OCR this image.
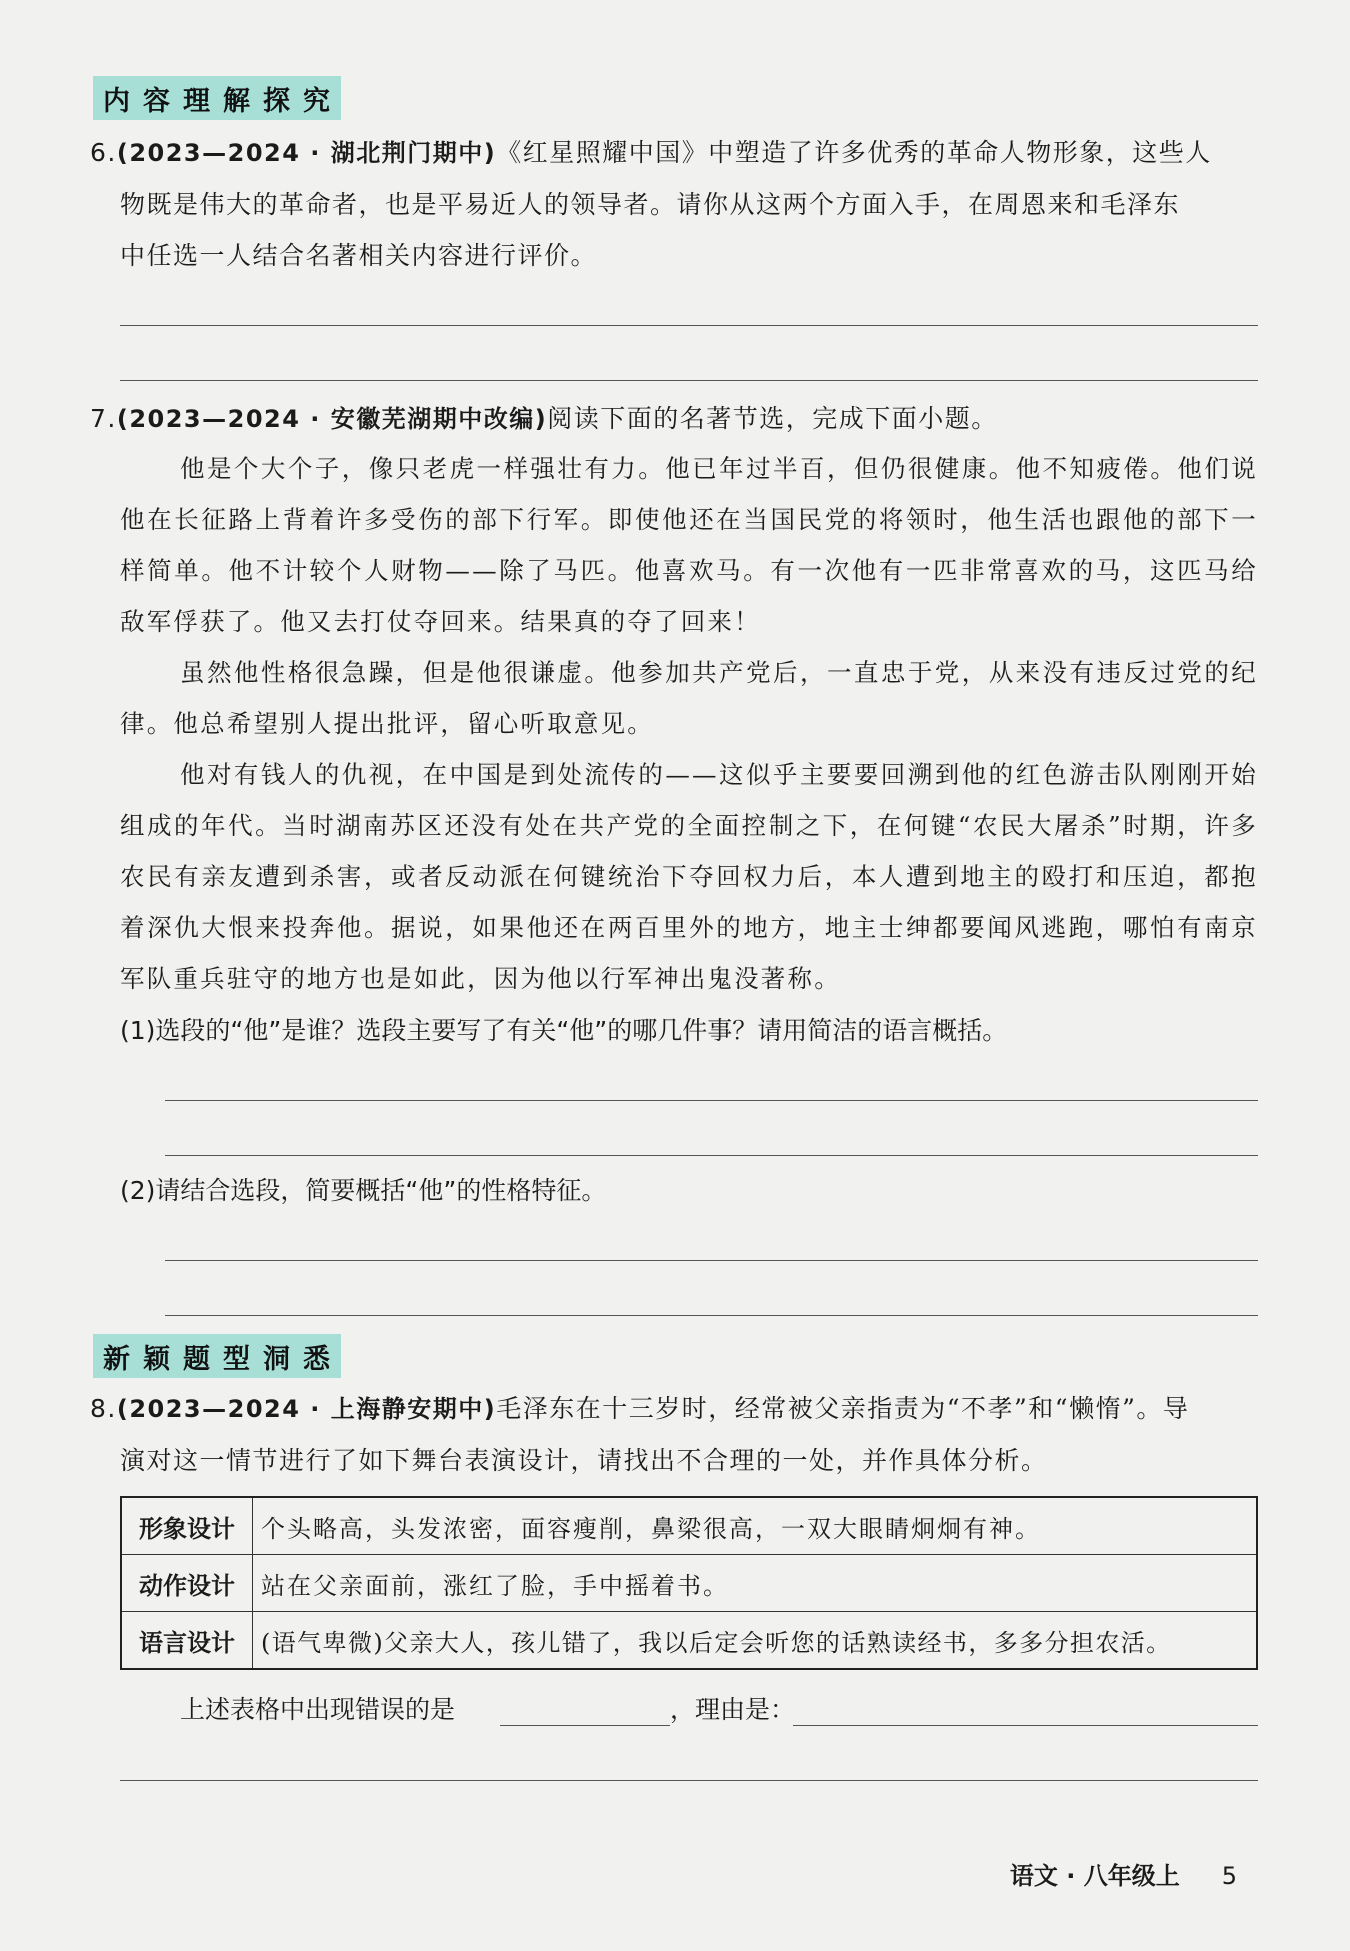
内 容 理 解 探 究
6.(2023—2024 · 湖北荆门期中)《红星照耀中国》中塑造了许多优秀的革命人物形象，这些人
物既是伟大的革命者，也是平易近人的领导者。请你从这两个方面入手，在周恩来和毛泽东
中任选一人结合名著相关内容进行评价。
7.(2023—2024 · 安徽芜湖期中改编)阅读下面的名著节选，完成下面小题。
他是个大个子，像只老虎一样强壮有力。他已年过半百，但仍很健康。他不知疲倦。他们说他在长征路上背着许多受伤的部下行军。即使他还在当国民党的将领时，他生活也跟他的部下一样简单。他不计较个人财物——除了马匹。他喜欢马。有一次他有一匹非常喜欢的马，这匹马给敌军俘获了。他又去打仗夺回来。结果真的夺了回来！
虽然他性格很急躁，但是他很谦虚。他参加共产党后，一直忠于党，从来没有违反过党的纪律。他总希望别人提出批评，留心听取意见。
他对有钱人的仇视，在中国是到处流传的——这似乎主要要回溯到他的红色游击队刚刚开始组成的年代。当时湖南苏区还没有处在共产党的全面控制之下，在何键“农民大屠杀”时期，许多农民有亲友遭到杀害，或者反动派在何键统治下夺回权力后，本人遭到地主的殴打和压迫，都抱着深仇大恨来投奔他。据说，如果他还在两百里外的地方，地主士绅都要闻风逃跑，哪怕有南京军队重兵驻守的地方也是如此，因为他以行军神出鬼没著称。
(1)选段的“他”是谁？选段主要写了有关“他”的哪几件事？请用简洁的语言概括。
(2)请结合选段，简要概括“他”的性格特征。
新 颖 题 型 洞 悉
8.(2023—2024 · 上海静安期中)毛泽东在十三岁时，经常被父亲指责为“不孝”和“懒惰”。导
演对这一情节进行了如下舞台表演设计，请找出不合理的一处，并作具体分析。
形象设计	个头略高，头发浓密，面容瘦削，鼻梁很高，一双大眼睛炯炯有神。
动作设计	站在父亲面前，涨红了脸，手中摇着书。
语言设计	(语气卑微)父亲大人，孩儿错了，我以后定会听您的话熟读经书，多多分担农活。
上述表格中出现错误的是	，理由是：
语文 · 八年级上 5
